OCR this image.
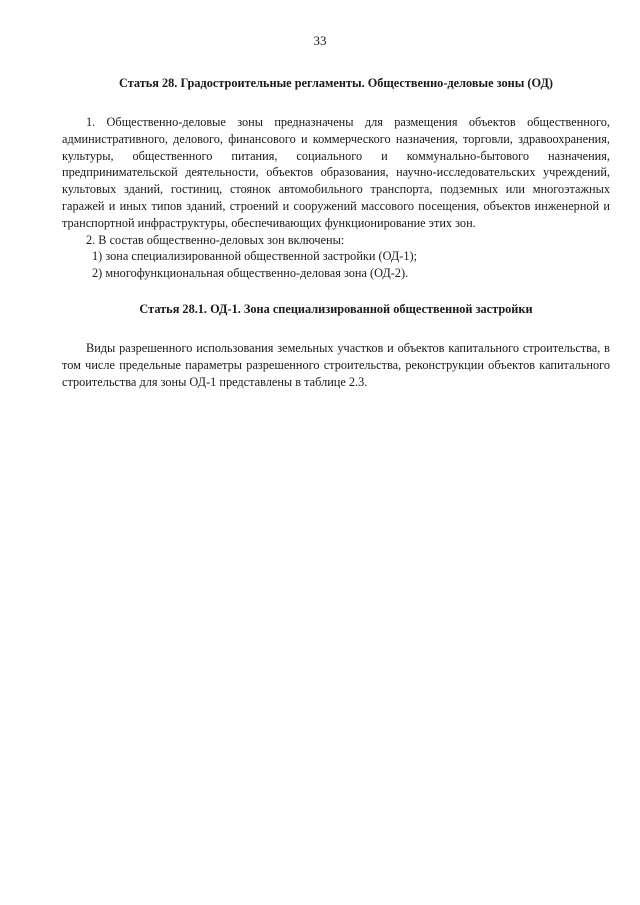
33

Статья 28. Градостроительные регламенты. Общественно-деловые зоны (ОД)

1. Общественно-деловые зоны предназначены для размещения объектов общественного, административного, делового, финансового и коммерческого назначения, торговли, здравоохранения, культуры, общественного питания, социального и коммунально-бытового назначения, предпринимательской деятельности, объектов образования, научно-исследовательских учреждений, культовых зданий, гостиниц, стоянок автомобильного транспорта, подземных или многоэтажных гаражей и иных типов зданий, строений и сооружений массового посещения, объектов инженерной и транспортной инфраструктуры, обеспечивающих функционирование этих зон.

2. В состав общественно-деловых зон включены:

1) зона специализированной общественной застройки (ОД-1);
2) многофункциональная общественно-деловая зона (ОД-2).

Статья 28.1. ОД-1. Зона специализированной общественной застройки

Виды разрешенного использования земельных участков и объектов капитального строительства, в том числе предельные параметры разрешенного строительства, реконструкции объектов капитального строительства для зоны ОД-1 представлены в таблице 2.3.
